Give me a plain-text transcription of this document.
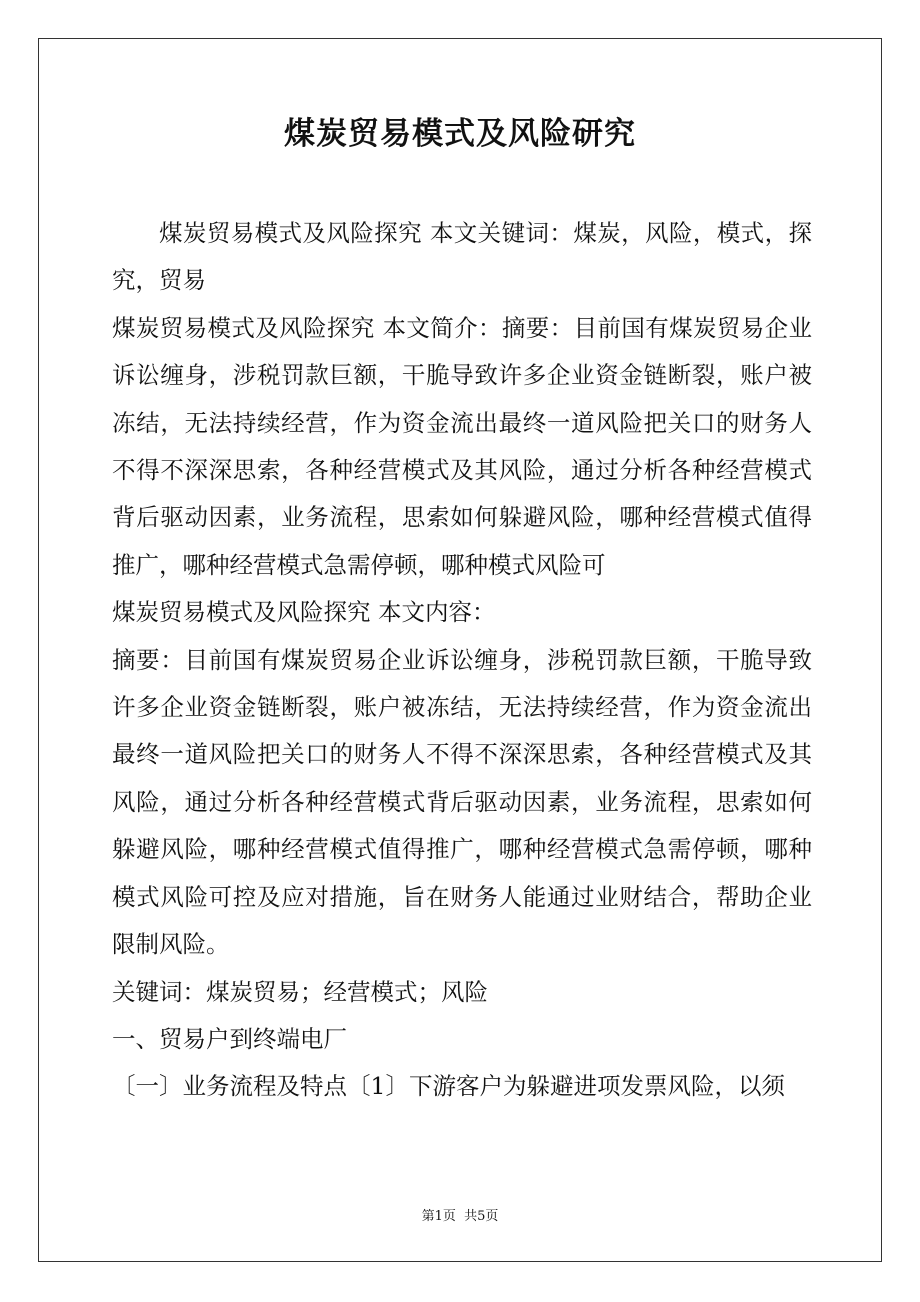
煤炭贸易模式及风险研究

煤炭贸易模式及风险探究 本文关键词：煤炭，风险，模式，探究，贸易

煤炭贸易模式及风险探究 本文简介：摘要：目前国有煤炭贸易企业诉讼缠身，涉税罚款巨额，干脆导致许多企业资金链断裂，账户被冻结，无法持续经营，作为资金流出最终一道风险把关口的财务人不得不深深思索，各种经营模式及其风险，通过分析各种经营模式背后驱动因素，业务流程，思索如何躲避风险，哪种经营模式值得推广，哪种经营模式急需停顿，哪种模式风险可

煤炭贸易模式及风险探究 本文内容：

摘要：目前国有煤炭贸易企业诉讼缠身，涉税罚款巨额，干脆导致许多企业资金链断裂，账户被冻结，无法持续经营，作为资金流出最终一道风险把关口的财务人不得不深深思索，各种经营模式及其风险，通过分析各种经营模式背后驱动因素，业务流程，思索如何躲避风险，哪种经营模式值得推广，哪种经营模式急需停顿，哪种模式风险可控及应对措施，旨在财务人能通过业财结合，帮助企业限制风险。

关键词：煤炭贸易；经营模式；风险

一、贸易户到终端电厂

〔一〕业务流程及特点〔1〕下游客户为躲避进项发票风险，以须

第1页 共5页
